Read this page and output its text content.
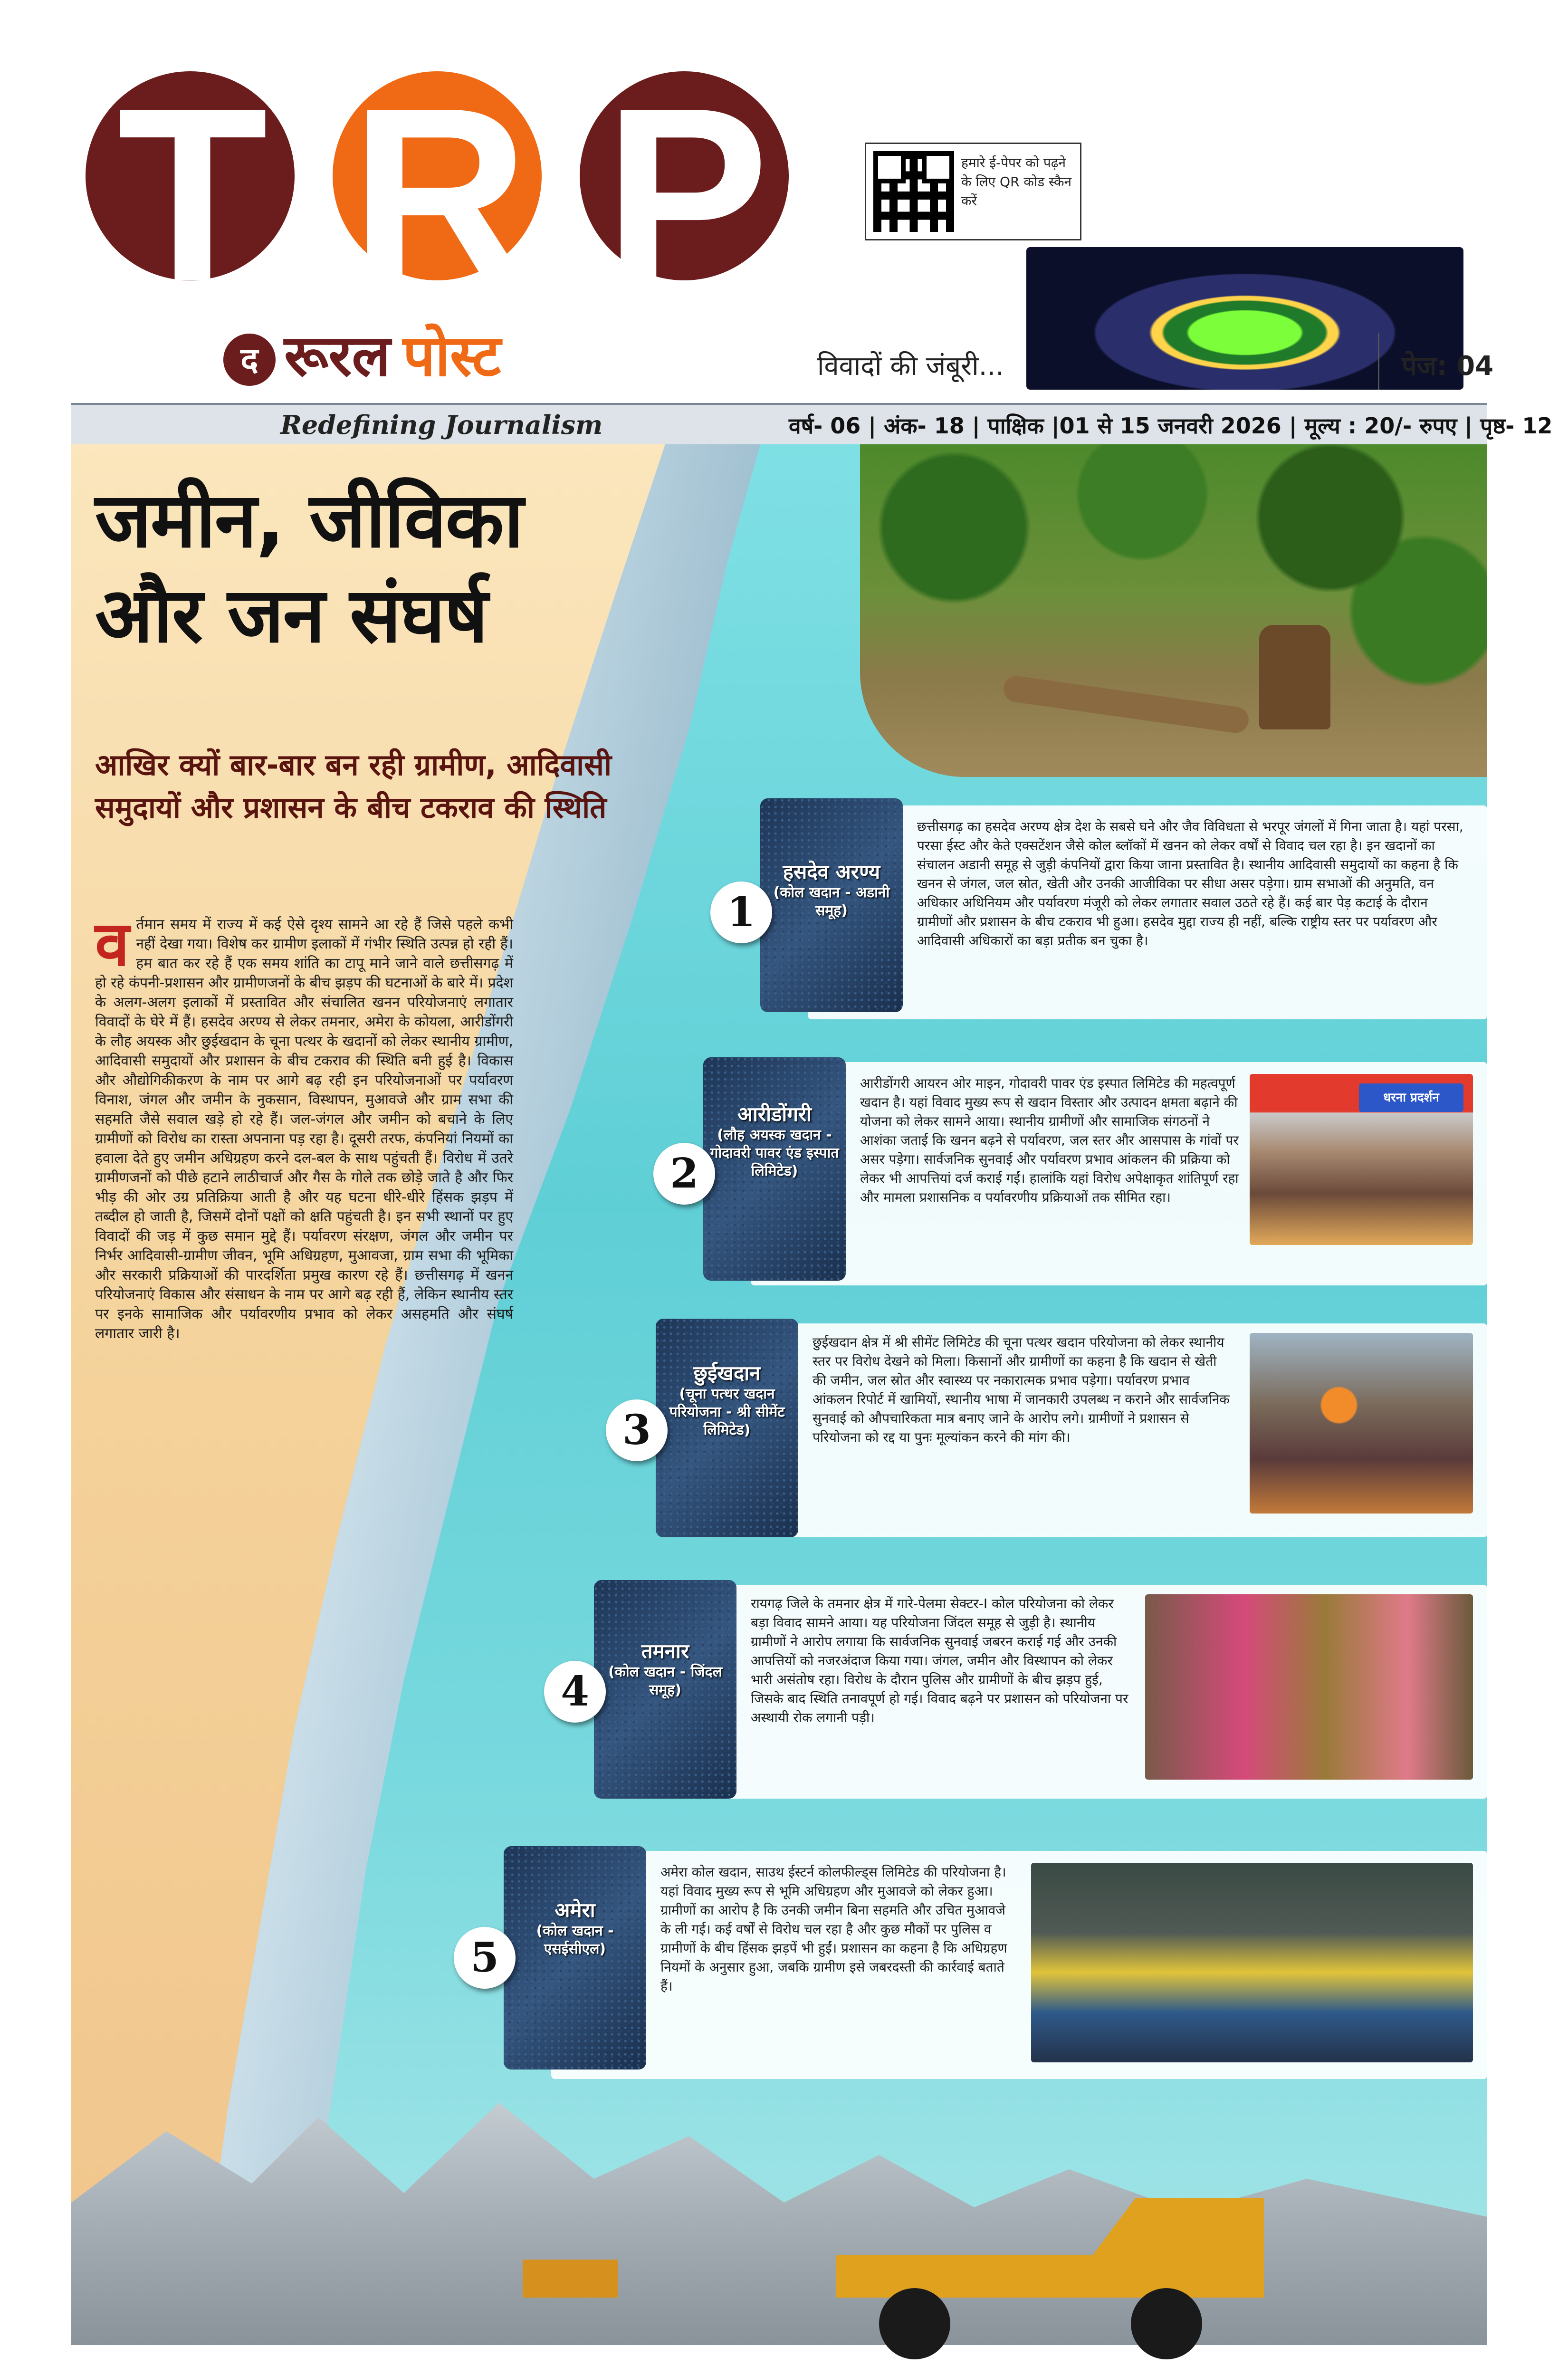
T R P
द रूरल पोस्ट
हमारे ई-पेपर को पढ़ने के लिए QR कोड स्कैन करें
विवादों की जंबूरी...	पेज: 04
Redefining Journalism	वर्ष- 06 | अंक- 18 | पाक्षिक |01 से 15 जनवरी 2026 | मूल्य : 20/- रुपए | पृष्ठ- 12
जमीन, जीविका
और जन संघर्ष
आखिर क्यों बार-बार बन रही ग्रामीण, आदिवासी समुदायों और प्रशासन के बीच टकराव की स्थिति
वर्तमान समय में राज्य में कई ऐसे दृश्य सामने आ रहे हैं जिसे पहले कभी नहीं देखा गया। विशेष कर ग्रामीण इलाकों में गंभीर स्थिति उत्पन्न हो रही हैं। हम बात कर रहे हैं एक समय शांति का टापू माने जाने वाले छत्तीसगढ़ में हो रहे कंपनी-प्रशासन और ग्रामीणजनों के बीच झड़प की घटनाओं के बारे में। प्रदेश के अलग-अलग इलाकों में प्रस्तावित और संचालित खनन परियोजनाएं लगातार विवादों के घेरे में हैं। हसदेव अरण्य से लेकर तमनार, अमेरा के कोयला, आरीडोंगरी के लौह अयस्क और छुईखदान के चूना पत्थर के खदानों को लेकर स्थानीय ग्रामीण, आदिवासी समुदायों और प्रशासन के बीच टकराव की स्थिति बनी हुई है। विकास और औद्योगिकीकरण के नाम पर आगे बढ़ रही इन परियोजनाओं पर पर्यावरण विनाश, जंगल और जमीन के नुकसान, विस्थापन, मुआवजे और ग्राम सभा की सहमति जैसे सवाल खड़े हो रहे हैं। जल-जंगल और जमीन को बचाने के लिए ग्रामीणों को विरोध का रास्ता अपनाना पड़ रहा है। दूसरी तरफ, कंपनियां नियमों का हवाला देते हुए जमीन अधिग्रहण करने दल-बल के साथ पहुंचती हैं। विरोध में उतरे ग्रामीणजनों को पीछे हटाने लाठीचार्ज और गैस के गोले तक छोड़े जाते है और फिर भीड़ की ओर उग्र प्रतिक्रिया आती है और यह घटना धीरे-धीरे हिंसक झड़प में तब्दील हो जाती है, जिसमें दोनों पक्षों को क्षति पहुंचती है। इन सभी स्थानों पर हुए विवादों की जड़ में कुछ समान मुद्दे हैं। पर्यावरण संरक्षण, जंगल और जमीन पर निर्भर आदिवासी-ग्रामीण जीवन, भूमि अधिग्रहण, मुआवजा, ग्राम सभा की भूमिका और सरकारी प्रक्रियाओं की पारदर्शिता प्रमुख कारण रहे हैं। छत्तीसगढ़ में खनन परियोजनाएं विकास और संसाधन के नाम पर आगे बढ़ रही हैं, लेकिन स्थानीय स्तर पर इनके सामाजिक और पर्यावरणीय प्रभाव को लेकर असहमति और संघर्ष लगातार जारी है।
हसदेव अरण्य
(कोल खदान - अडानी समूह)
1
छत्तीसगढ़ का हसदेव अरण्य क्षेत्र देश के सबसे घने और जैव विविधता से भरपूर जंगलों में गिना जाता है। यहां परसा, परसा ईस्ट और केते एक्सटेंशन जैसे कोल ब्लॉकों में खनन को लेकर वर्षों से विवाद चल रहा है। इन खदानों का संचालन अडानी समूह से जुड़ी कंपनियों द्वारा किया जाना प्रस्तावित है। स्थानीय आदिवासी समुदायों का कहना है कि खनन से जंगल, जल स्रोत, खेती और उनकी आजीविका पर सीधा असर पड़ेगा। ग्राम सभाओं की अनुमति, वन अधिकार अधिनियम और पर्यावरण मंजूरी को लेकर लगातार सवाल उठते रहे हैं। कई बार पेड़ कटाई के दौरान ग्रामीणों और प्रशासन के बीच टकराव भी हुआ। हसदेव मुद्दा राज्य ही नहीं, बल्कि राष्ट्रीय स्तर पर पर्यावरण और आदिवासी अधिकारों का बड़ा प्रतीक बन चुका है।
आरीडोंगरी
(लौह अयस्क खदान - गोदावरी पावर एंड इस्पात लिमिटेड)
2
आरीडोंगरी आयरन ओर माइन, गोदावरी पावर एंड इस्पात लिमिटेड की महत्वपूर्ण खदान है। यहां विवाद मुख्य रूप से खदान विस्तार और उत्पादन क्षमता बढ़ाने की योजना को लेकर सामने आया। स्थानीय ग्रामीणों और सामाजिक संगठनों ने आशंका जताई कि खनन बढ़ने से पर्यावरण, जल स्तर और आसपास के गांवों पर असर पड़ेगा। सार्वजनिक सुनवाई और पर्यावरण प्रभाव आंकलन की प्रक्रिया को लेकर भी आपत्तियां दर्ज कराई गईं। हालांकि यहां विरोध अपेक्षाकृत शांतिपूर्ण रहा और मामला प्रशासनिक व पर्यावरणीय प्रक्रियाओं तक सीमित रहा।
धरना प्रदर्शन
छुईखदान
(चूना पत्थर खदान परियोजना - श्री सीमेंट लिमिटेड)
3
छुईखदान क्षेत्र में श्री सीमेंट लिमिटेड की चूना पत्थर खदान परियोजना को लेकर स्थानीय स्तर पर विरोध देखने को मिला। किसानों और ग्रामीणों का कहना है कि खदान से खेती की जमीन, जल स्रोत और स्वास्थ्य पर नकारात्मक प्रभाव पड़ेगा। पर्यावरण प्रभाव आंकलन रिपोर्ट में खामियों, स्थानीय भाषा में जानकारी उपलब्ध न कराने और सार्वजनिक सुनवाई को औपचारिकता मात्र बनाए जाने के आरोप लगे। ग्रामीणों ने प्रशासन से परियोजना को रद्द या पुनः मूल्यांकन करने की मांग की।
तमनार
(कोल खदान - जिंदल समूह)
4
रायगढ़ जिले के तमनार क्षेत्र में गारे-पेलमा सेक्टर-I कोल परियोजना को लेकर बड़ा विवाद सामने आया। यह परियोजना जिंदल समूह से जुड़ी है। स्थानीय ग्रामीणों ने आरोप लगाया कि सार्वजनिक सुनवाई जबरन कराई गई और उनकी आपत्तियों को नजरअंदाज किया गया। जंगल, जमीन और विस्थापन को लेकर भारी असंतोष रहा। विरोध के दौरान पुलिस और ग्रामीणों के बीच झड़प हुई, जिसके बाद स्थिति तनावपूर्ण हो गई। विवाद बढ़ने पर प्रशासन को परियोजना पर अस्थायी रोक लगानी पड़ी।
अमेरा
(कोल खदान - एसईसीएल)
5
अमेरा कोल खदान, साउथ ईस्टर्न कोलफील्ड्स लिमिटेड की परियोजना है। यहां विवाद मुख्य रूप से भूमि अधिग्रहण और मुआवजे को लेकर हुआ। ग्रामीणों का आरोप है कि उनकी जमीन बिना सहमति और उचित मुआवजे के ली गई। कई वर्षों से विरोध चल रहा है और कुछ मौकों पर पुलिस व ग्रामीणों के बीच हिंसक झड़पें भी हुईं। प्रशासन का कहना है कि अधिग्रहण नियमों के अनुसार हुआ, जबकि ग्रामीण इसे जबरदस्ती की कार्रवाई बताते हैं।
